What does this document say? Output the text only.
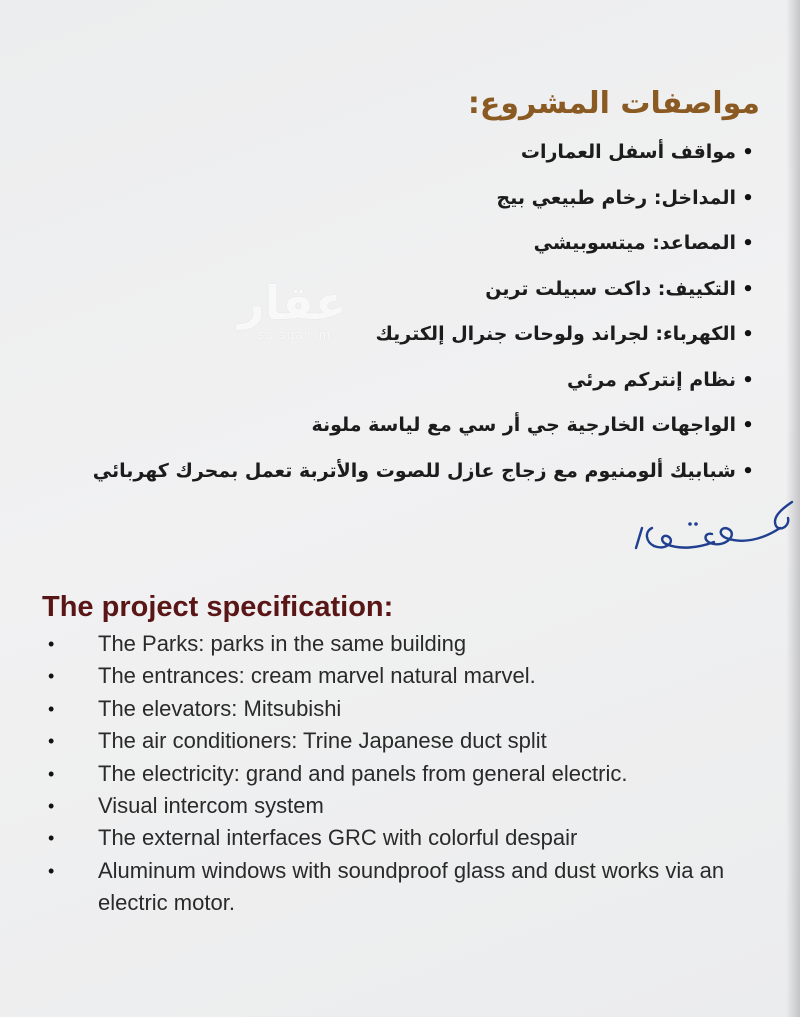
مواصفات المشروع:
•مواقف أسفل العمارات
•المداخل: رخام طبيعي بيج
•المصاعد: ميتسوبيشي
•التكييف: داكت سبيلت ترين
•الكهرباء: لجراند ولوحات جنرال إلكتريك
•نظام إنتركم مرئي
•الواجهات الخارجية جي أر سي مع لياسة ملونة
•شبابيك ألومنيوم مع زجاج عازل للصوت والأتربة تعمل بمحرك كهربائي
عقار
sa.aqar.fm
The project specification:
• The Parks: parks in the same building
• The entrances: cream marvel natural marvel.
• The elevators: Mitsubishi
• The air conditioners: Trine Japanese duct split
• The electricity: grand and panels from general electric.
• Visual intercom system
• The external interfaces GRC with colorful despair
• Aluminum windows with soundproof glass and dust works via an electric motor.
